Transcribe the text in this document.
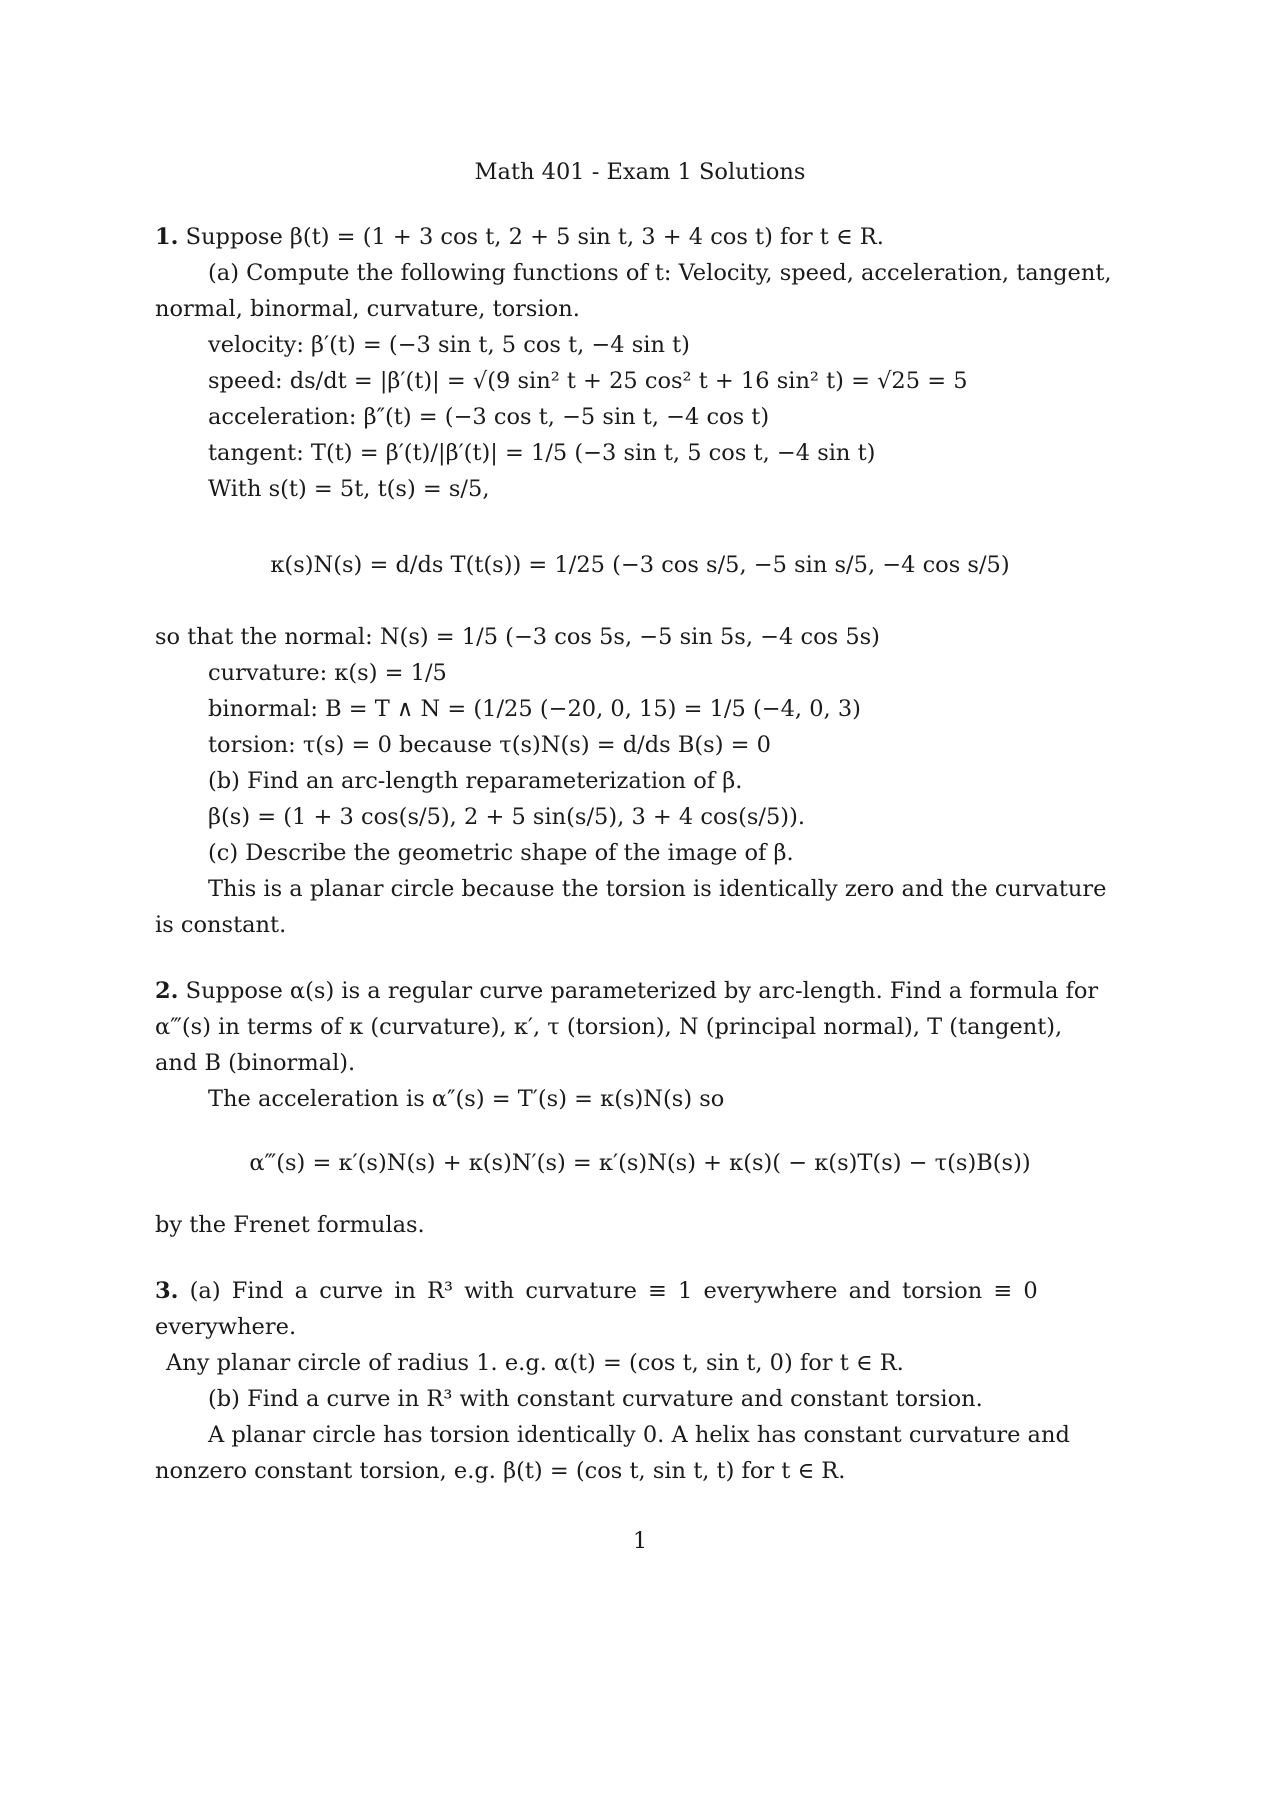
Math 401 - Exam 1 Solutions
1. Suppose β(t) = (1 + 3 cos t, 2 + 5 sin t, 3 + 4 cos t) for t ∈ R.
(a) Compute the following functions of t: Velocity, speed, acceleration, tangent,
normal, binormal, curvature, torsion.
velocity: β′(t) = (−3 sin t, 5 cos t, −4 sin t)
speed: ds/dt = |β′(t)| = √(9 sin² t + 25 cos² t + 16 sin² t) = √25 = 5
acceleration: β″(t) = (−3 cos t, −5 sin t, −4 cos t)
tangent: T(t) = β′(t)/|β′(t)| = 1/5 (−3 sin t, 5 cos t, −4 sin t)
With s(t) = 5t, t(s) = s/5,
κ(s)N(s) = d/ds T(t(s)) = 1/25 (−3 cos s/5, −5 sin s/5, −4 cos s/5)
so that the normal: N(s) = 1/5 (−3 cos 5s, −5 sin 5s, −4 cos 5s)
curvature: κ(s) = 1/5
binormal: B = T ∧ N = (1/25 (−20, 0, 15) = 1/5 (−4, 0, 3)
torsion: τ(s) = 0 because τ(s)N(s) = d/ds B(s) = 0
(b) Find an arc-length reparameterization of β.
β(s) = (1 + 3 cos(s/5), 2 + 5 sin(s/5), 3 + 4 cos(s/5)).
(c) Describe the geometric shape of the image of β.
This is a planar circle because the torsion is identically zero and the curvature
is constant.
2. Suppose α(s) is a regular curve parameterized by arc-length. Find a formula for
α‴(s) in terms of κ (curvature), κ′, τ (torsion), N (principal normal), T (tangent),
and B (binormal).
The acceleration is α″(s) = T′(s) = κ(s)N(s) so
α‴(s) = κ′(s)N(s) + κ(s)N′(s) = κ′(s)N(s) + κ(s)( − κ(s)T(s) − τ(s)B(s))
by the Frenet formulas.
3. (a) Find a curve in R³ with curvature ≡ 1 everywhere and torsion ≡ 0
everywhere.
Any planar circle of radius 1. e.g. α(t) = (cos t, sin t, 0) for t ∈ R.
(b) Find a curve in R³ with constant curvature and constant torsion.
A planar circle has torsion identically 0. A helix has constant curvature and
nonzero constant torsion, e.g. β(t) = (cos t, sin t, t) for t ∈ R.
1
